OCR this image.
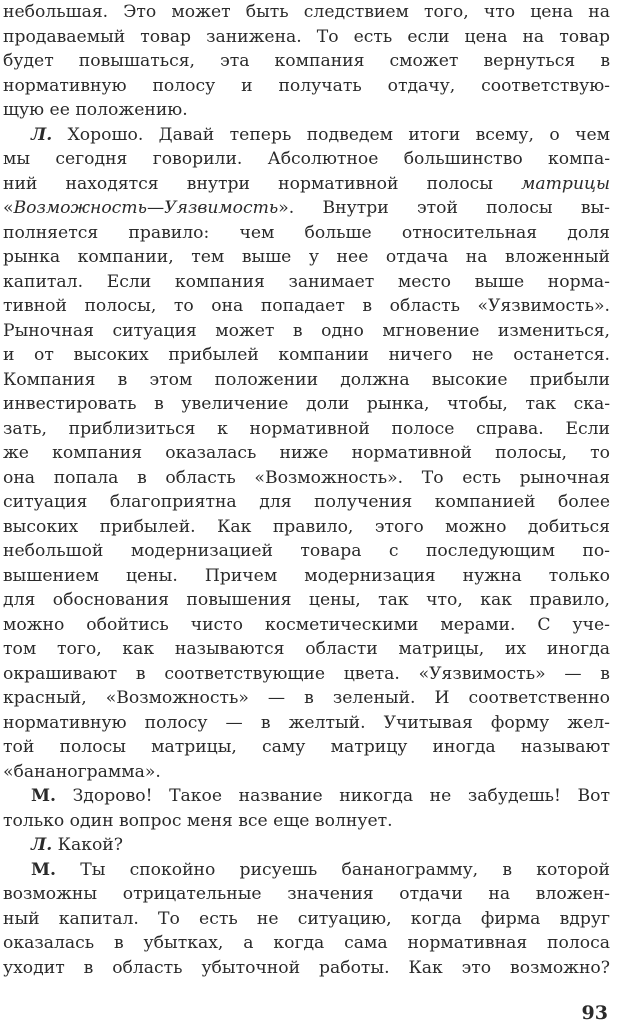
небольшая. Это может быть следствием того, что цена на
продаваемый товар занижена. То есть если цена на товар
будет повышаться, эта компания сможет вернуться в
нормативную полосу и получать отдачу, соответствую-
щую ее положению.
Л. Хорошо. Давай теперь подведем итоги всему, о чем
мы сегодня говорили. Абсолютное большинство компа-
ний находятся внутри нормативной полосы матрицы
«Возможность—Уязвимость». Внутри этой полосы вы-
полняется правило: чем больше относительная доля
рынка компании, тем выше у нее отдача на вложенный
капитал. Если компания занимает место выше норма-
тивной полосы, то она попадает в область «Уязвимость».
Рыночная ситуация может в одно мгновение измениться,
и от высоких прибылей компании ничего не останется.
Компания в этом положении должна высокие прибыли
инвестировать в увеличение доли рынка, чтобы, так ска-
зать, приблизиться к нормативной полосе справа. Если
же компания оказалась ниже нормативной полосы, то
она попала в область «Возможность». То есть рыночная
ситуация благоприятна для получения компанией более
высоких прибылей. Как правило, этого можно добиться
небольшой модернизацией товара с последующим по-
вышением цены. Причем модернизация нужна только
для обоснования повышения цены, так что, как правило,
можно обойтись чисто косметическими мерами. С уче-
том того, как называются области матрицы, их иногда
окрашивают в соответствующие цвета. «Уязвимость» — в
красный, «Возможность» — в зеленый. И соответственно
нормативную полосу — в желтый. Учитывая форму жел-
той полосы матрицы, саму матрицу иногда называют
«бананограмма».
М. Здорово! Такое название никогда не забудешь! Вот
только один вопрос меня все еще волнует.
Л. Какой?
М. Ты спокойно рисуешь бананограмму, в которой
возможны отрицательные значения отдачи на вложен-
ный капитал. То есть не ситуацию, когда фирма вдруг
оказалась в убытках, а когда сама нормативная полоса
уходит в область убыточной работы. Как это возможно?
93
